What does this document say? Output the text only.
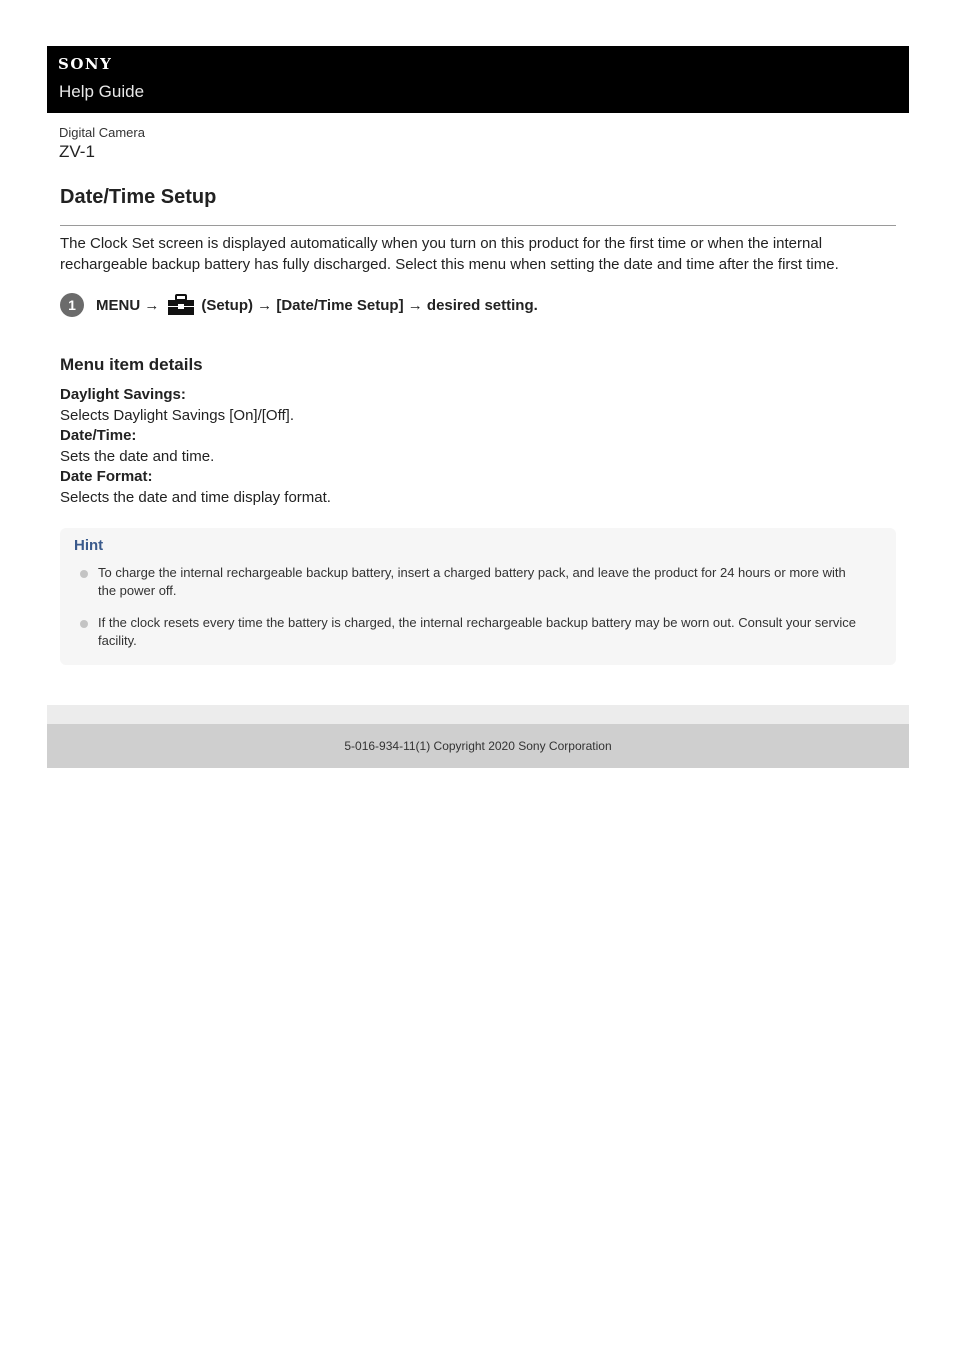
SONY
Help Guide
Digital Camera
ZV-1
Date/Time Setup

The Clock Set screen is displayed automatically when you turn on this product for the first time or when the internal rechargeable backup battery has fully discharged. Select this menu when setting the date and time after the first time.

1	MENU →	(Setup) → [Date/Time Setup] → desired setting.
Menu item details
Daylight Savings:
Selects Daylight Savings [On]/[Off].
Date/Time:
Sets the date and time.
Date Format:
Selects the date and time display format.
Hint
To charge the internal rechargeable backup battery, insert a charged battery pack, and leave the product for 24 hours or more with the power off.
If the clock resets every time the battery is charged, the internal rechargeable backup battery may be worn out. Consult your service facility.
5-016-934-11(1) Copyright 2020 Sony Corporation
